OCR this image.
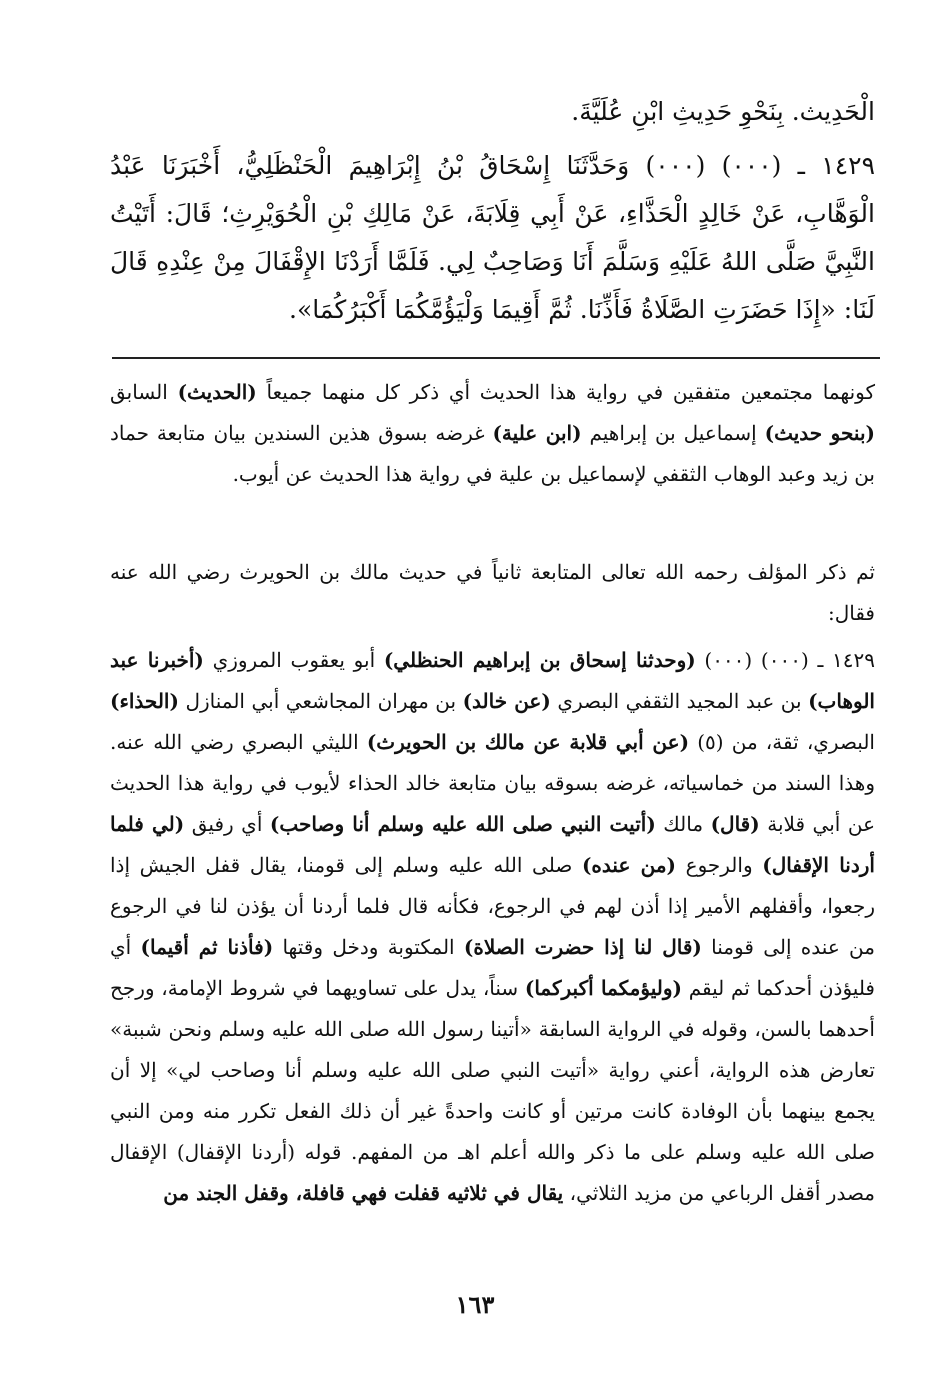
الْحَدِيث. بِنَحْوِ حَدِيثِ ابْنِ عُلَيَّةَ.

١٤٢٩ ـ (٠٠٠) (٠٠٠) وَحَدَّثَنَا إِسْحَاقُ بْنُ إِبْرَاهِيمَ الْحَنْظَلِيُّ، أَخْبَرَنَا عَبْدُ الْوَهَّابِ، عَنْ خَالِدٍ الْحَذَّاءِ، عَنْ أَبِي قِلَابَةَ، عَنْ مَالِكِ بْنِ الْحُوَيْرِثِ؛ قَالَ: أَتَيْتُ النَّبِيَّ صَلَّى اللهُ عَلَيْهِ وَسَلَّمَ أَنَا وَصَاحِبٌ لِي. فَلَمَّا أَرَدْنَا الإِقْفَالَ مِنْ عِنْدِهِ قَالَ لَنَا: «إِذَا حَضَرَتِ الصَّلَاةُ فَأَذِّنَا. ثُمَّ أَقِيمَا وَلْيَؤُمَّكُمَا أَكْبَرُكُمَا».

كونهما مجتمعين متفقين في رواية هذا الحديث أي ذكر كل منهما جميعاً (الحديث) السابق (بنحو حديث) إسماعيل بن إبراهيم (ابن علية) غرضه بسوق هذين السندين بيان متابعة حماد بن زيد وعبد الوهاب الثقفي لإسماعيل بن علية في رواية هذا الحديث عن أيوب.

ثم ذكر المؤلف رحمه الله تعالى المتابعة ثانياً في حديث مالك بن الحويرث رضي الله عنه فقال:

١٤٢٩ ـ (٠٠٠) (٠٠٠) (وحدثنا إسحاق بن إبراهيم الحنظلي) أبو يعقوب المروزي (أخبرنا عبد الوهاب) بن عبد المجيد الثقفي البصري (عن خالد) بن مهران المجاشعي أبي المنازل (الحذاء) البصري، ثقة، من (٥) (عن أبي قلابة عن مالك بن الحويرث) الليثي البصري رضي الله عنه. وهذا السند من خماسياته، غرضه بسوقه بيان متابعة خالد الحذاء لأيوب في رواية هذا الحديث عن أبي قلابة (قال) مالك (أتيت النبي صلى الله عليه وسلم أنا وصاحب) أي رفيق (لي فلما أردنا الإقفال) والرجوع (من عنده) صلى الله عليه وسلم إلى قومنا، يقال قفل الجيش إذا رجعوا، وأقفلهم الأمير إذا أذن لهم في الرجوع، فكأنه قال فلما أردنا أن يؤذن لنا في الرجوع من عنده إلى قومنا (قال لنا إذا حضرت الصلاة) المكتوبة ودخل وقتها (فأذنا ثم أقيما) أي فليؤذن أحدكما ثم ليقم (وليؤمكما أكبركما) سناً، يدل على تساويهما في شروط الإمامة، ورجح أحدهما بالسن، وقوله في الرواية السابقة «أتينا رسول الله صلى الله عليه وسلم ونحن شببة» تعارض هذه الرواية، أعني رواية «أتيت النبي صلى الله عليه وسلم أنا وصاحب لي» إلا أن يجمع بينهما بأن الوفادة كانت مرتين أو كانت واحدةً غير أن ذلك الفعل تكرر منه ومن النبي صلى الله عليه وسلم على ما ذكر والله أعلم اهـ من المفهم. قوله (أردنا الإقفال) الإقفال مصدر أقفل الرباعي من مزيد الثلاثي، يقال في ثلاثيه قفلت فهي قافلة، وقفل الجند من

١٦٣
